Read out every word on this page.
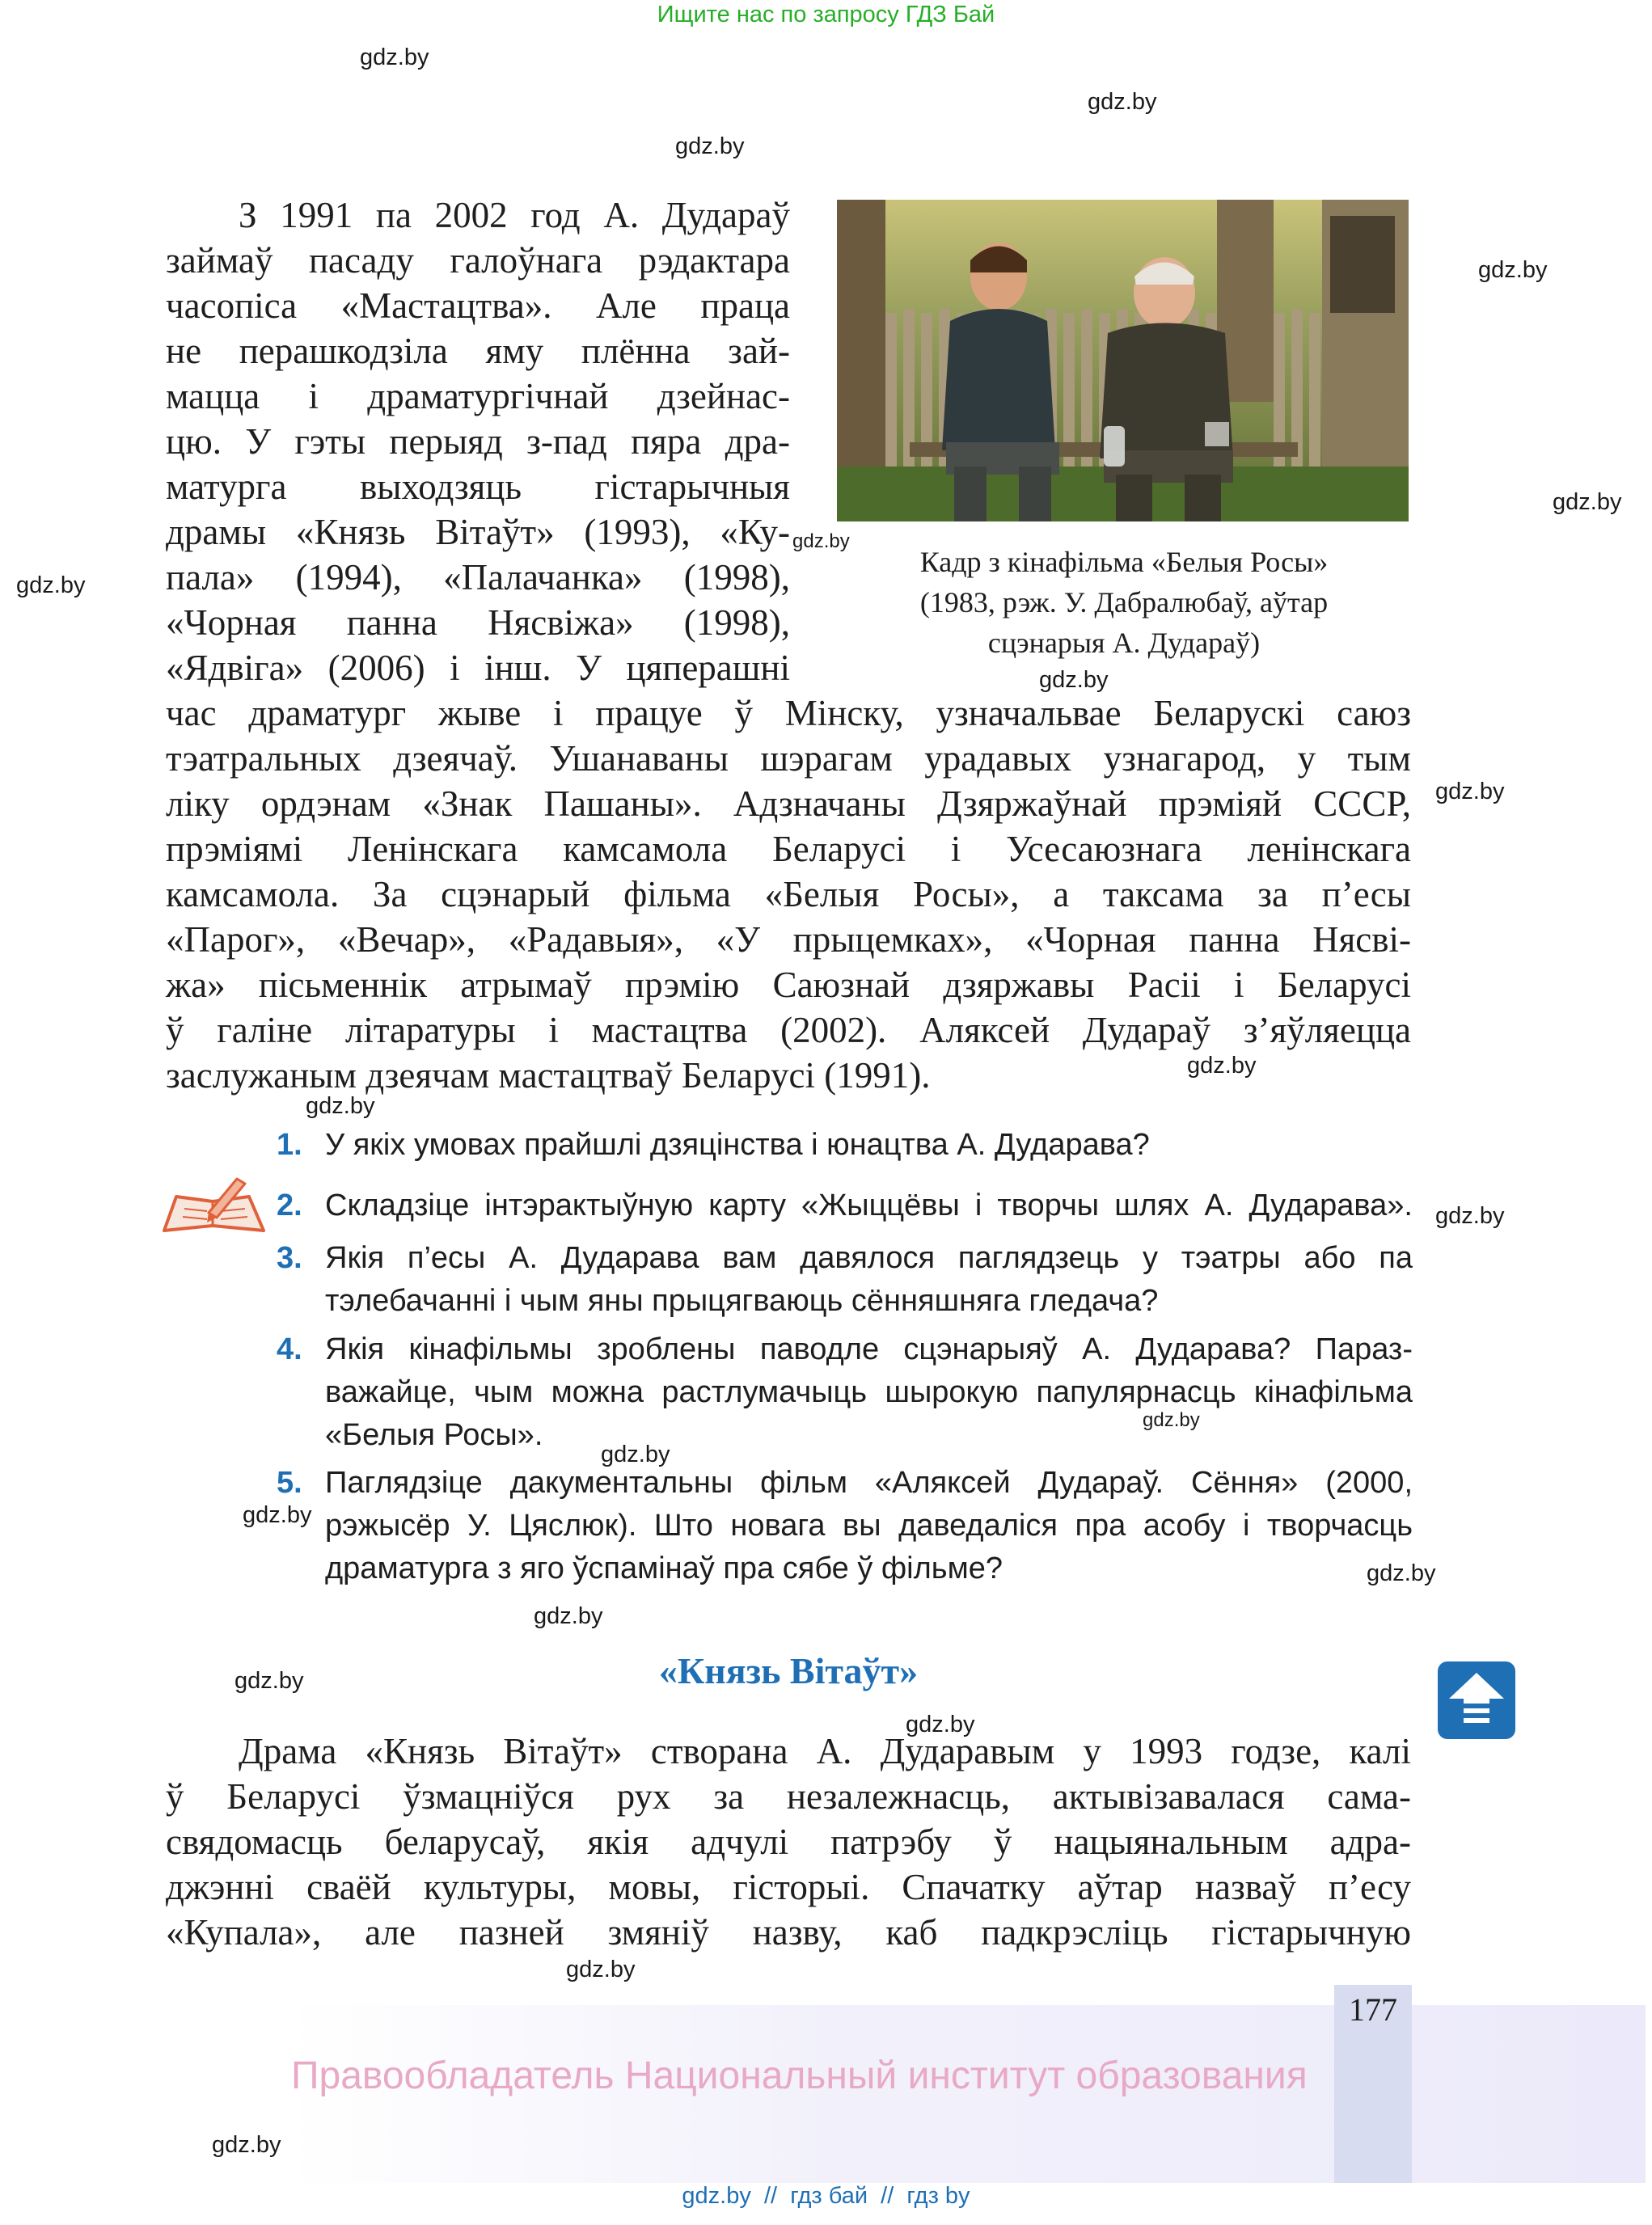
Ищите нас по запросу ГДЗ Бай
gdz.by
gdz.by
gdz.by
gdz.by
gdz.by
gdz.by
gdz.by
gdz.by
gdz.by
gdz.by
gdz.by
gdz.by
gdz.by
gdz.by
gdz.by
gdz.by
gdz.by
gdz.by
gdz.by
gdz.by
gdz.by
Кадр з кінафільма «Белыя Росы»
(1983, рэж. У. Дабралюбаў, аўтар
сцэнарыя А. Дудараў)
З 1991 па 2002 год А. Дудараў
займаў пасаду галоўнага рэдактара
часопіса «Мастацтва». Але праца
не перашкодзіла яму плённа зай-
мацца і драматургічнай дзейнас-
цю. У гэты перыяд з-пад пяра дра-
матурга выходзяць гістарычныя
драмы «Князь Вітаўт» (1993), «Ку-
пала» (1994), «Палачанка» (1998),
«Чорная панна Нясвіжа» (1998),
«Ядвіга» (2006) і інш. У цяперашні
час драматург жыве і працуе ў Мінску, узначальвае Беларускі саюз
тэатральных дзеячаў. Ушанаваны шэрагам урадавых узнагарод, у тым
ліку ордэнам «Знак Пашаны». Адзначаны Дзяржаўнай прэміяй СССР,
прэміямі Ленінскага камсамола Беларусі і Усесаюзнага ленінскага
камсамола. За сцэнарый фільма «Белыя Росы», а таксама за п’есы
«Парог», «Вечар», «Радавыя», «У прыцемках», «Чорная панна Нясві-
жа» пісьменнік атрымаў прэмію Саюзнай дзяржавы Расіі і Беларусі
ў галіне літаратуры і мастацтва (2002). Аляксей Дудараў з’яўляецца
заслужаным дзеячам мастацтваў Беларусі (1991).
1. У якіх умовах прайшлі дзяцінства і юнацтва А. Дударава?
2. Складзіце інтэрактыўную карту «Жыццёвы і творчы шлях А. Дударава».
3. Якія п’есы А. Дударава вам давялося паглядзець у тэатры або па
тэлебачанні і чым яны прыцягваюць сённяшняга гледача?
4. Якія кінафільмы зроблены паводле сцэнарыяў А. Дударава? Параз-
важайце, чым можна растлумачыць шырокую папулярнасць кінафільма
«Белыя Росы».
5. Паглядзіце дакументальны фільм «Аляксей Дудараў. Сёння» (2000,
рэжысёр У. Цяслюк). Што новага вы даведаліся пра асобу і творчасць
драматурга з яго ўспамінаў пра сябе ў фільме?
«Князь Вітаўт»
Драма «Князь Вітаўт» створана А. Дударавым у 1993 годзе, калі
ў Беларусі ўзмацніўся рух за незалежнасць, актывізавалася сама-
свядомасць беларусаў, якія адчулі патрэбу ў нацыянальным адра-
джэнні сваёй культуры, мовы, гісторыі. Спачатку аўтар назваў п’есу
«Купала», але пазней змяніў назву, каб падкрэсліць гістарычную
177
Правообладатель Национальный институт образования
gdz.by  //  гдз бай  //  гдз by
